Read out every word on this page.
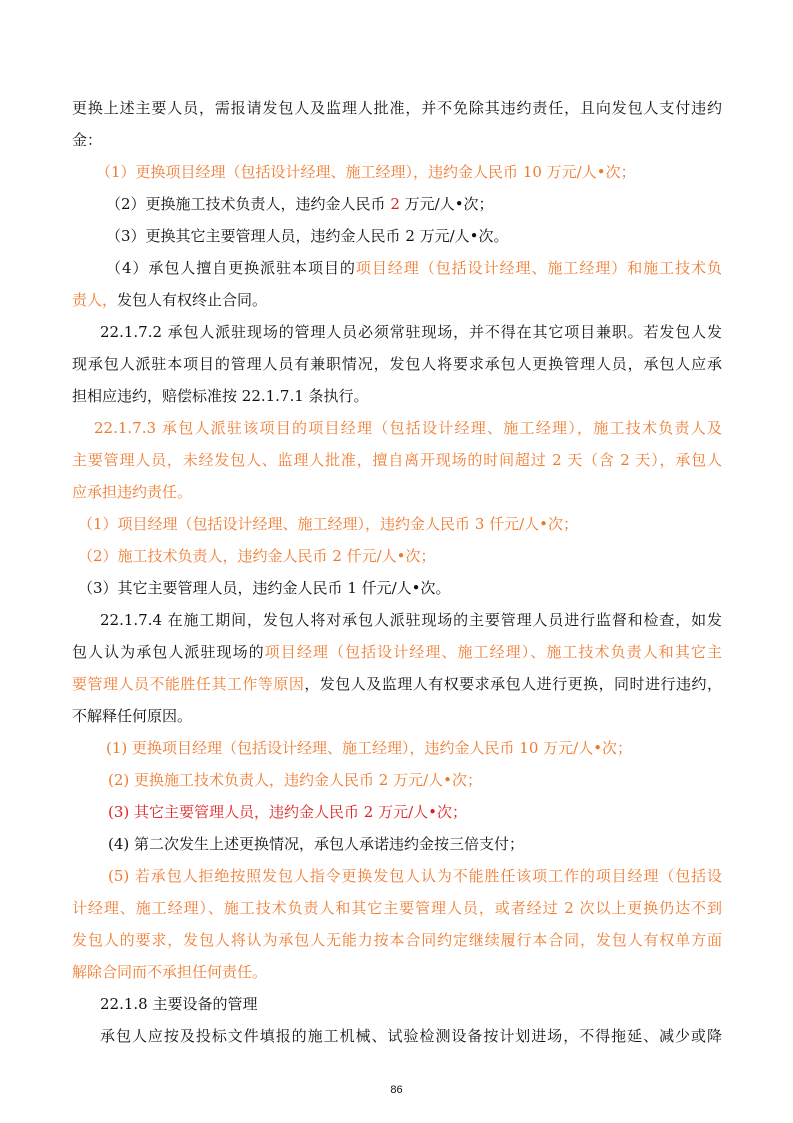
更换上述主要人员，需报请发包人及监理人批准，并不免除其违约责任，且向发包人支付违约
金：
（1）更换项目经理（包括设计经理、施工经理），违约金人民币 10 万元/人•次；
（2）更换施工技术负责人，违约金人民币 2 万元/人•次；
（3）更换其它主要管理人员，违约金人民币 2 万元/人•次。
（4）承包人擅自更换派驻本项目的项目经理（包括设计经理、施工经理）和施工技术负
责人，发包人有权终止合同。
22.1.7.2 承包人派驻现场的管理人员必须常驻现场，并不得在其它项目兼职。若发包人发
现承包人派驻本项目的管理人员有兼职情况，发包人将要求承包人更换管理人员，承包人应承
担相应违约，赔偿标准按 22.1.7.1 条执行。
22.1.7.3 承包人派驻该项目的项目经理（包括设计经理、施工经理），施工技术负责人及
主要管理人员，未经发包人、监理人批准，擅自离开现场的时间超过 2 天（含 2 天），承包人
应承担违约责任。
（1）项目经理（包括设计经理、施工经理），违约金人民币 3 仟元/人•次；
（2）施工技术负责人，违约金人民币 2 仟元/人•次；
（3）其它主要管理人员，违约金人民币 1 仟元/人•次。
22.1.7.4 在施工期间，发包人将对承包人派驻现场的主要管理人员进行监督和检查，如发
包人认为承包人派驻现场的项目经理（包括设计经理、施工经理）、施工技术负责人和其它主
要管理人员不能胜任其工作等原因，发包人及监理人有权要求承包人进行更换，同时进行违约，
不解释任何原因。
(1) 更换项目经理（包括设计经理、施工经理），违约金人民币 10 万元/人•次；
(2) 更换施工技术负责人，违约金人民币 2 万元/人•次；
(3) 其它主要管理人员，违约金人民币 2 万元/人•次；
(4) 第二次发生上述更换情况，承包人承诺违约金按三倍支付；
(5) 若承包人拒绝按照发包人指令更换发包人认为不能胜任该项工作的项目经理（包括设
计经理、施工经理）、施工技术负责人和其它主要管理人员，或者经过 2 次以上更换仍达不到
发包人的要求，发包人将认为承包人无能力按本合同约定继续履行本合同，发包人有权单方面
解除合同而不承担任何责任。
22.1.8 主要设备的管理
承包人应按及投标文件填报的施工机械、试验检测设备按计划进场，不得拖延、减少或降
86
